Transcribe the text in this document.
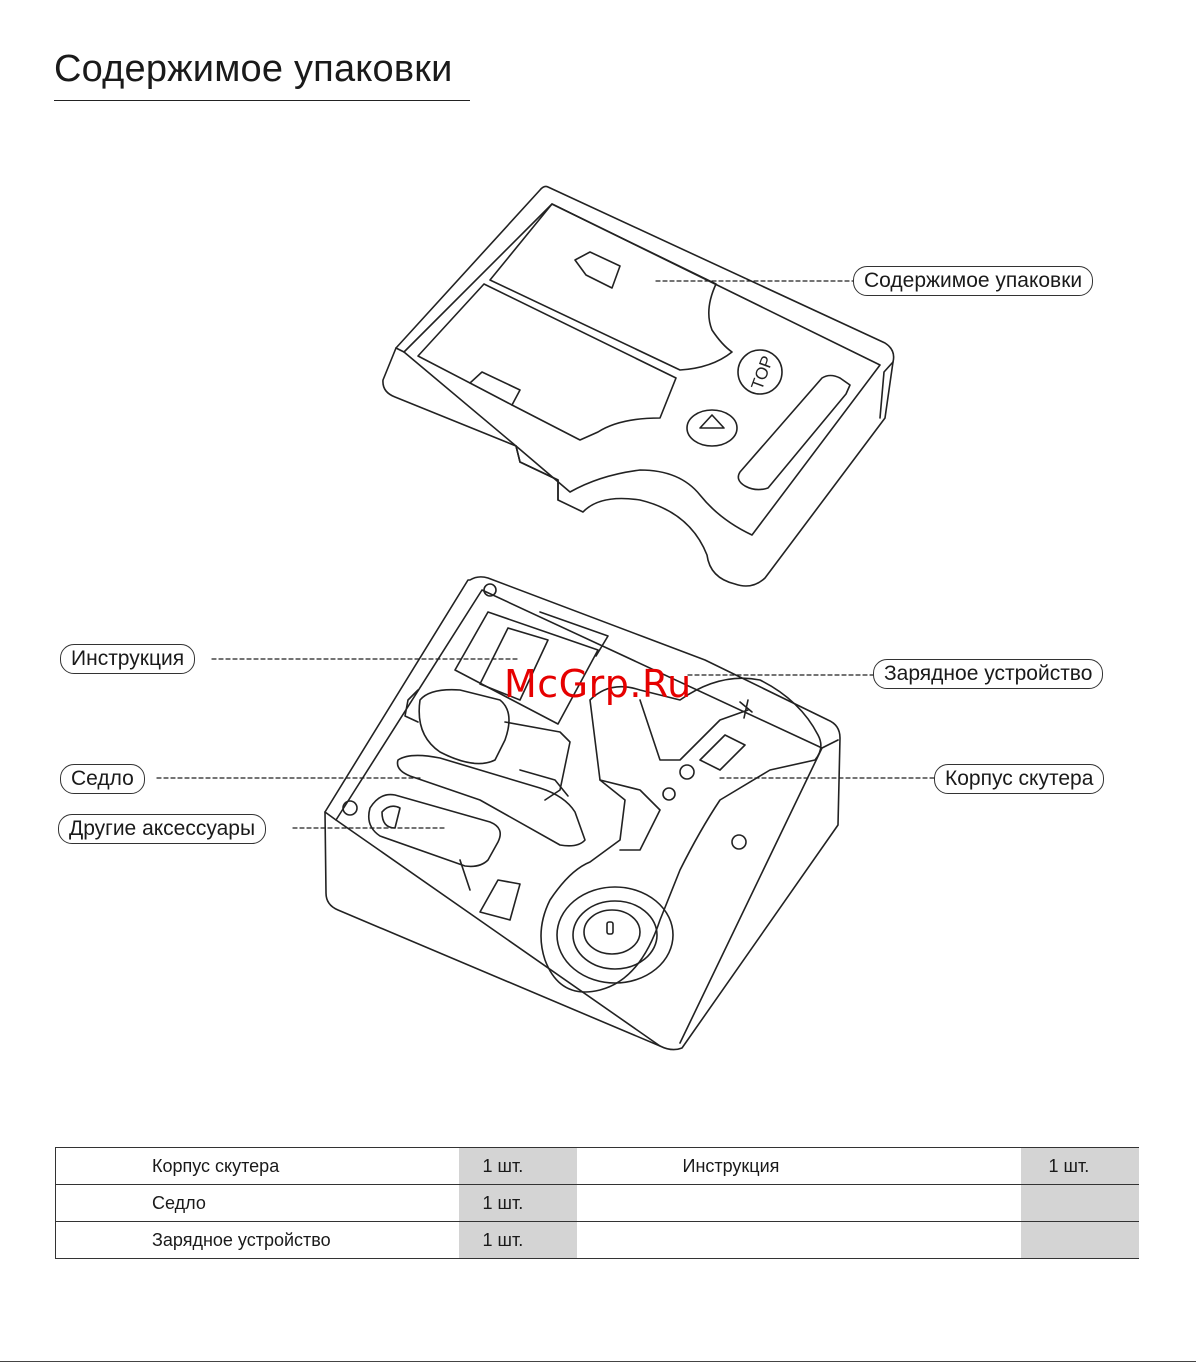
Содержимое упаковки
TOP
Содержимое упаковки
Инструкция
Зарядное устройство
Седло	Корпус скутера
Другие аксессуары
McGrp.Ru
Корпус скутера	1 шт.	Инструкция	1 шт.
Седло	1 шт.		
Зарядное устройство	1 шт.		
